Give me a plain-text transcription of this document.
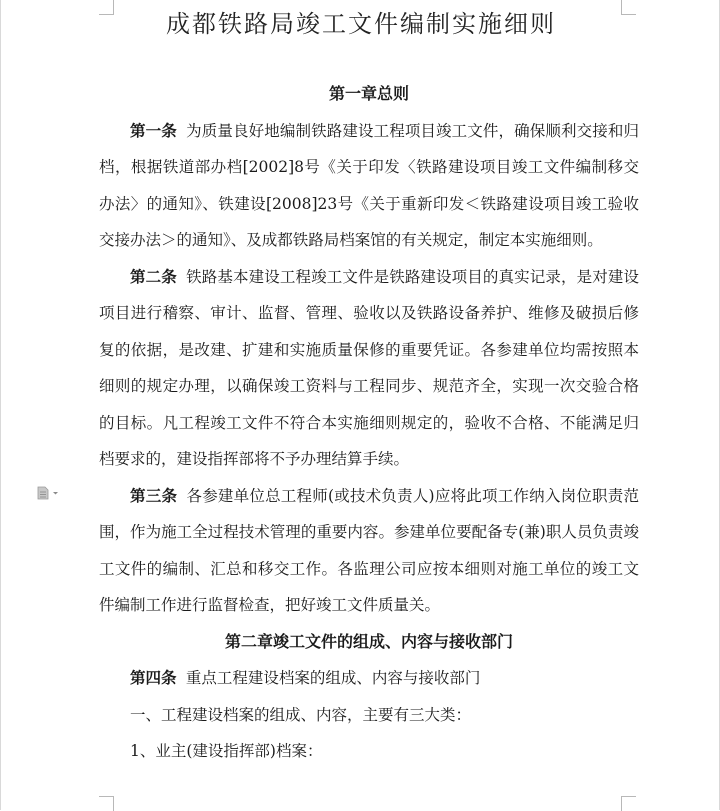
成都铁路局竣工文件编制实施细则

第一章总则

第一条 为质量良好地编制铁路建设工程项目竣工文件，确保顺利交接和归档，根据铁道部办档[2002]8号《关于印发〈铁路建设项目竣工文件编制移交办法〉的通知》、铁建设[2008]23号《关于重新印发＜铁路建设项目竣工验收交接办法＞的通知》、及成都铁路局档案馆的有关规定，制定本实施细则。

第二条 铁路基本建设工程竣工文件是铁路建设项目的真实记录，是对建设项目进行稽察、审计、监督、管理、验收以及铁路设备养护、维修及破损后修复的依据，是改建、扩建和实施质量保修的重要凭证。各参建单位均需按照本细则的规定办理，以确保竣工资料与工程同步、规范齐全，实现一次交验合格的目标。凡工程竣工文件不符合本实施细则规定的，验收不合格、不能满足归档要求的，建设指挥部将不予办理结算手续。

第三条 各参建单位总工程师(或技术负责人)应将此项工作纳入岗位职责范围，作为施工全过程技术管理的重要内容。参建单位要配备专(兼)职人员负责竣工文件的编制、汇总和移交工作。各监理公司应按本细则对施工单位的竣工文件编制工作进行监督检查，把好竣工文件质量关。

第二章竣工文件的组成、内容与接收部门

第四条 重点工程建设档案的组成、内容与接收部门

一、工程建设档案的组成、内容，主要有三大类：

1、业主(建设指挥部)档案：
